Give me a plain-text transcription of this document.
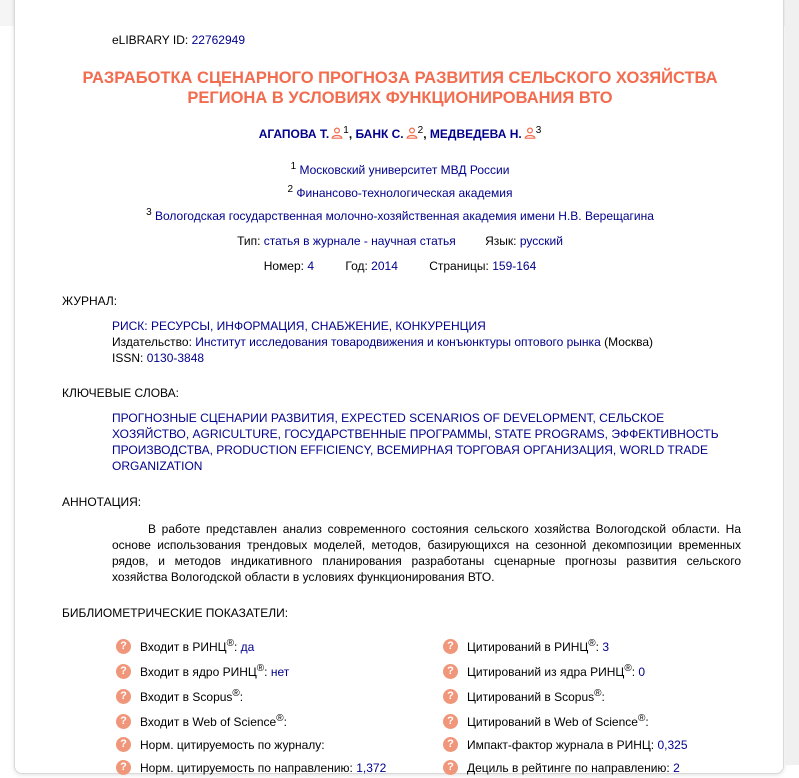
eLIBRARY ID: 22762949
РАЗРАБОТКА СЦЕНАРНОГО ПРОГНОЗА РАЗВИТИЯ СЕЛЬСКОГО ХОЗЯЙСТВА
РЕГИОНА В УСЛОВИЯХ ФУНКЦИОНИРОВАНИЯ ВТО
АГАПОВА Т. $^1$, БАНК С. $^2$, МЕДВЕДЕВА Н. $^3$
$^1$ Московский университет МВД России
$^2$ Финансово-технологическая академия
$^3$ Вологодская государственная молочно-хозяйственная академия имени Н.В. Верещагина
Тип: статья в журнале - научная статья Язык: русский
Номер: 4	Год: 2014	Страницы: 159-164
ЖУРНАЛ:
РИСК: РЕСУРСЫ, ИНФОРМАЦИЯ, СНАБЖЕНИЕ, КОНКУРЕНЦИЯ
Издательство: Институт исследования товародвижения и конъюнктуры оптового рынка (Москва)
ISSN: 0130-3848
КЛЮЧЕВЫЕ СЛОВА:
ПРОГНОЗНЫЕ СЦЕНАРИИ РАЗВИТИЯ, EXPECTED SCENARIOS OF DEVELOPMENT, СЕЛЬСКОЕ ХОЗЯЙСТВО, AGRICULTURE, ГОСУДАРСТВЕННЫЕ ПРОГРАММЫ, STATE PROGRAMS, ЭФФЕКТИВНОСТЬ ПРОИЗВОДСТВА, PRODUCTION EFFICIENCY, ВСЕМИРНАЯ ТОРГОВАЯ ОРГАНИЗАЦИЯ, WORLD TRADE ORGANIZATION
АННОТАЦИЯ:
В работе представлен анализ современного состояния сельского хозяйства Вологодской области. На основе использования трендовых моделей, методов, базирующихся на сезонной декомпозиции временных рядов, и методов индикативного планирования разработаны сценарные прогнозы развития сельского хозяйства Вологодской области в условиях функционирования ВТО.
БИБЛИОМЕТРИЧЕСКИЕ ПОКАЗАТЕЛИ:
? Входит в РИНЦ®: да
? Входит в ядро РИНЦ®: нет
? Входит в Scopus®:
? Входит в Web of Science®:
? Норм. цитируемость по журналу:
? Норм. цитируемость по направлению: 1,372
? Цитирований в РИНЦ®: 3
? Цитирований из ядра РИНЦ®: 0
? Цитирований в Scopus®:
? Цитирований в Web of Science®:
? Импакт-фактор журнала в РИНЦ: 0,325
? Дециль в рейтинге по направлению: 2
